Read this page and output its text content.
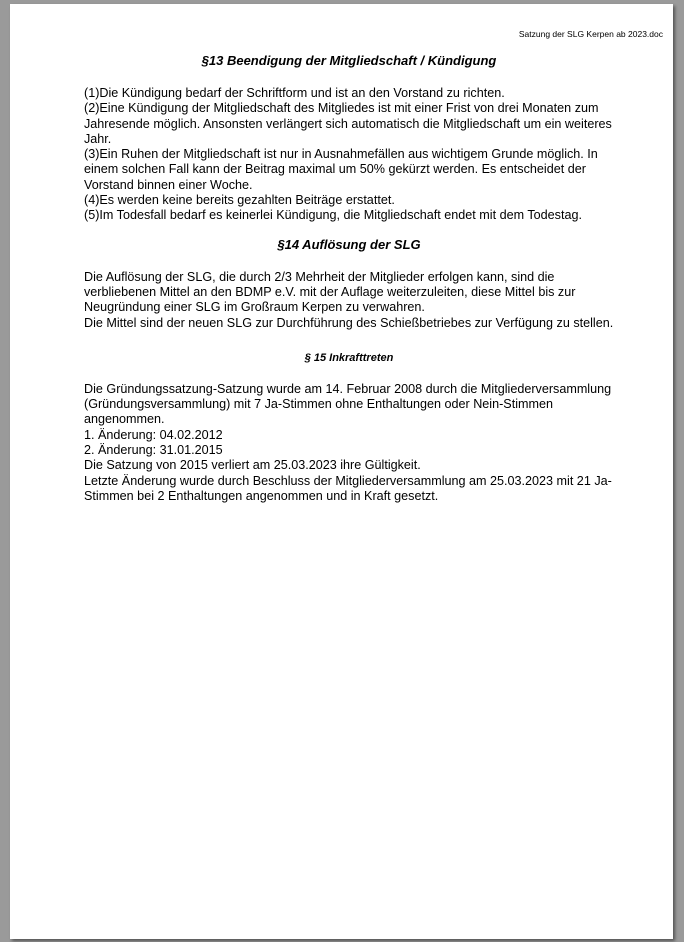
Satzung der SLG Kerpen ab 2023.doc
§13 Beendigung der Mitgliedschaft / Kündigung

(1)Die Kündigung bedarf der Schriftform und ist an den Vorstand zu richten.

(2)Eine Kündigung der Mitgliedschaft des Mitgliedes ist mit einer Frist von drei Monaten zum Jahresende möglich. Ansonsten verlängert sich automatisch die Mitgliedschaft um ein weiteres Jahr.

(3)Ein Ruhen der Mitgliedschaft ist nur in Ausnahmefällen aus wichtigem Grunde möglich. In einem solchen Fall kann der Beitrag maximal um 50% gekürzt werden. Es entscheidet der Vorstand binnen einer Woche.

(4)Es werden keine bereits gezahlten Beiträge erstattet.

(5)Im Todesfall bedarf es keinerlei Kündigung, die Mitgliedschaft endet mit dem Todestag.

§14 Auflösung der SLG

Die Auflösung der SLG, die durch 2/3 Mehrheit der Mitglieder erfolgen kann, sind die verbliebenen Mittel an den BDMP e.V. mit der Auflage weiterzuleiten, diese Mittel bis zur Neugründung einer SLG im Großraum Kerpen zu verwahren.

Die Mittel sind der neuen SLG zur Durchführung des Schießbetriebes zur Verfügung zu stellen.

§ 15 Inkrafttreten

Die Gründungssatzung-Satzung wurde am 14. Februar 2008 durch die Mitgliederversammlung (Gründungsversammlung) mit 7 Ja-Stimmen ohne Enthaltungen oder Nein-Stimmen angenommen.

1. Änderung: 04.02.2012

2. Änderung: 31.01.2015

Die Satzung von 2015 verliert am 25.03.2023 ihre Gültigkeit.

Letzte Änderung wurde durch Beschluss der Mitgliederversammlung am 25.03.2023 mit 21 Ja-Stimmen bei 2 Enthaltungen angenommen und in Kraft gesetzt.
